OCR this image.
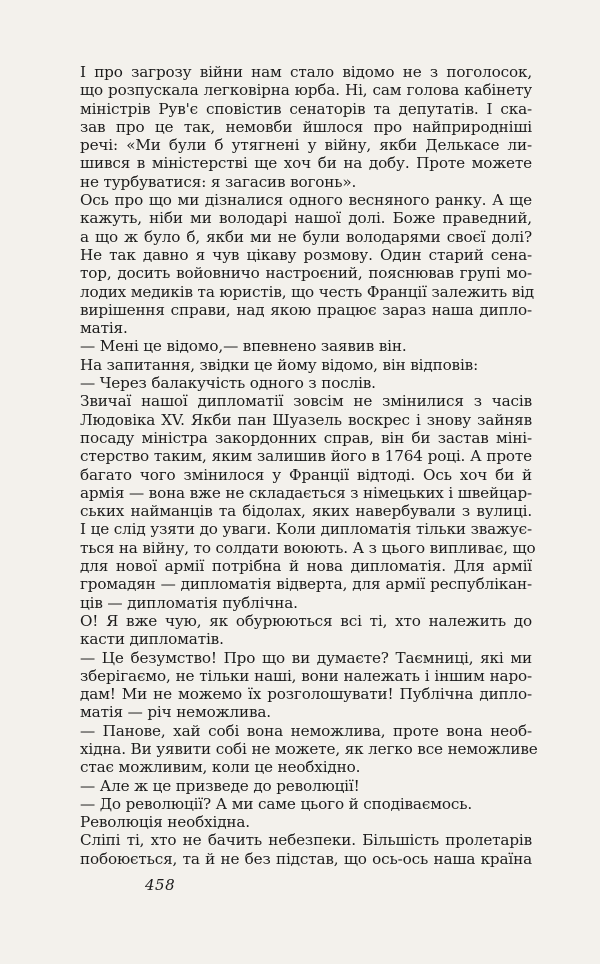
I про загрозу війни нам стало відомо не з поголосок,
що розпускала легковірна юрба. Ні, сам голова кабінету
міністрів Рув'є сповістив сенаторів та депутатів. І ска-
зав про це так, немовби йшлося про найприродніші
речі: «Ми були б утягнені у війну, якби Делькасе ли-
шився в міністерстві ще хоч би на добу. Проте можете
не турбуватися: я загасив вогонь».
Ось про що ми дізналися одного весняного ранку. А ще
кажуть, ніби ми володарі нашої долі. Боже праведний,
а що ж було б, якби ми не були володарями своєї долі?
Не так давно я чув цікаву розмову. Один старий сена-
тор, досить войовничо настроєний, пояснював групі мо-
лодих медиків та юристів, що честь Франції залежить від
вирішення справи, над якою працює зараз наша дипло-
матія.
— Мені це відомо,— впевнено заявив він.
На запитання, звідки це йому відомо, він відповів:
— Через балакучість одного з послів.
Звичаї нашої дипломатії зовсім не змінилися з часів
Людовіка XV. Якби пан Шуазель воскрес і знову зайняв
посаду міністра закордонних справ, він би застав міні-
стерство таким, яким залишив його в 1764 році. А проте
багато чого змінилося у Франції відтоді. Ось хоч би й
армія — вона вже не складається з німецьких і швейцар-
ських найманців та бідолах, яких навербували з вулиці.
І це слід узяти до уваги. Коли дипломатія тільки зважує-
ться на війну, то солдати воюють. А з цього випливає, що
для нової армії потрібна й нова дипломатія. Для армії
громадян — дипломатія відверта, для армії республікан-
ців — дипломатія публічна.
О! Я вже чую, як обурюються всі ті, хто належить до
касти дипломатів.
— Це безумство! Про що ви думаєте? Таємниці, які ми
зберігаємо, не тільки наші, вони належать і іншим наро-
дам! Ми не можемо їх розголошувати! Публічна дипло-
матія — річ неможлива.
— Панове, хай собі вона неможлива, проте вона необ-
хідна. Ви уявити собі не можете, як легко все неможливе
стає можливим, коли це необхідно.
— Але ж це призведе до революції!
— До революції? А ми саме цього й сподіваємось.
Революція необхідна.
Сліпі ті, хто не бачить небезпеки. Більшість пролетарів
побоюється, та й не без підстав, що ось-ось наша країна
458
